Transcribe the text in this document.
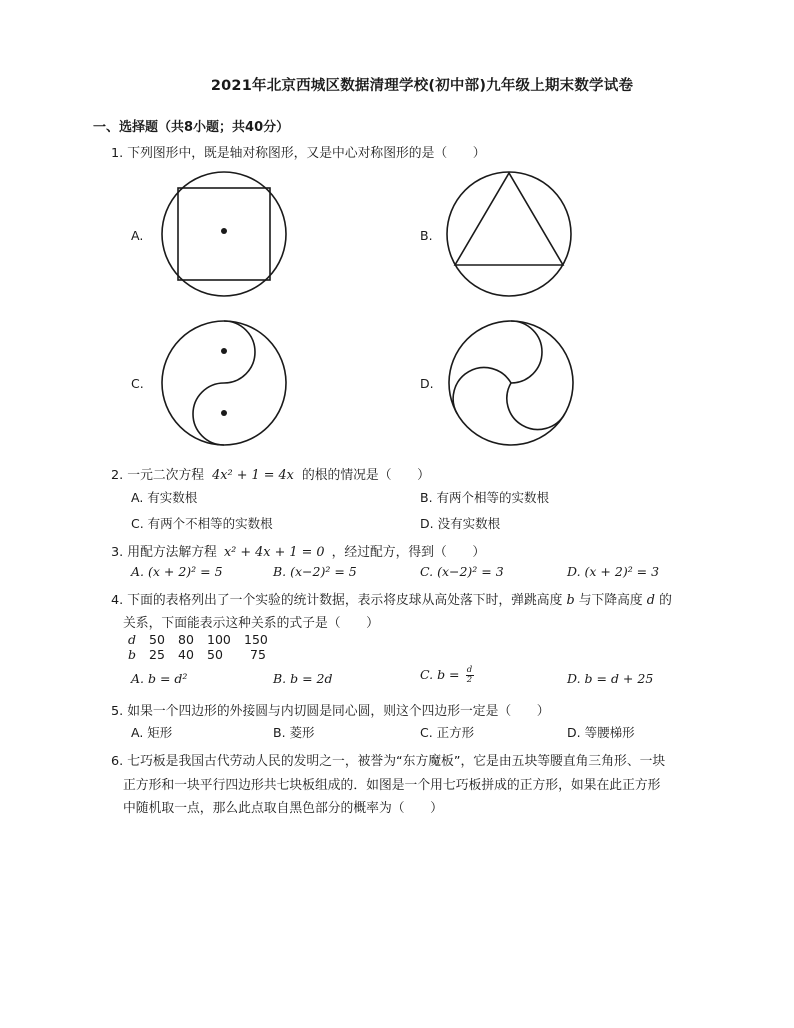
2021年北京西城区数据清理学校(初中部)九年级上期末数学试卷
一、选择题（共8小题；共40分）
1. 下列图形中，既是轴对称图形，又是中心对称图形的是（　　）
A.	B.
C.	D.
2. 一元二次方程 4x² + 1 = 4x 的根的情况是（　　）
A. 有实数根	B. 有两个相等的实数根
C. 有两个不相等的实数根	D. 没有实数根
3. 用配方法解方程 x² + 4x + 1 = 0 ，经过配方，得到（　　）
A. (x + 2)² = 5	B. (x−2)² = 5	C. (x−2)² = 3	D. (x + 2)² = 3
4. 下面的表格列出了一个实验的统计数据，表示将皮球从高处落下时，弹跳高度 b 与下降高度 d 的
关系，下面能表示这种关系的式子是（　　）
d 50 80 100 150
b 25 40 50 75
A. b = d²	B. b = 2d	C. $b = \frac{d}{2}$	D. b = d + 25
5. 如果一个四边形的外接圆与内切圆是同心圆，则这个四边形一定是（　　）
A. 矩形	B. 菱形	C. 正方形	D. 等腰梯形
6. 七巧板是我国古代劳动人民的发明之一，被誉为“东方魔板”，它是由五块等腰直角三角形、一块
正方形和一块平行四边形共七块板组成的．如图是一个用七巧板拼成的正方形，如果在此正方形
中随机取一点，那么此点取自黑色部分的概率为（　　）
